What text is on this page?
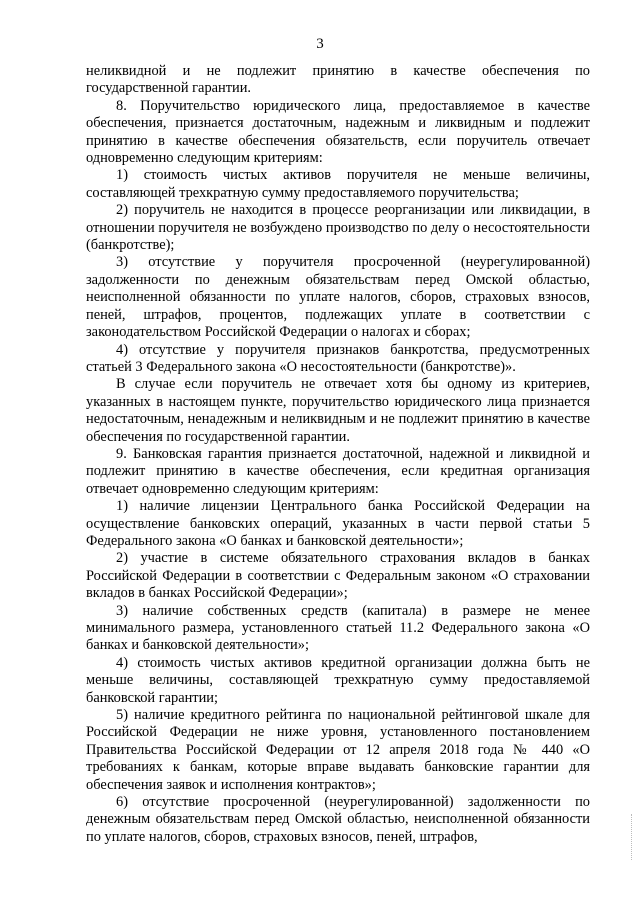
3

неликвидной и не подлежит принятию в качестве обеспечения по государственной гарантии.

8. Поручительство юридического лица, предоставляемое в качестве обеспечения, признается достаточным, надежным и ликвидным и подлежит принятию в качестве обеспечения обязательств, если поручитель отвечает одновременно следующим критериям:

1) стоимость чистых активов поручителя не меньше величины, составляющей трехкратную сумму предоставляемого поручительства;

2) поручитель не находится в процессе реорганизации или ликвидации, в отношении поручителя не возбуждено производство по делу о несостоятельности (банкротстве);

3) отсутствие у поручителя просроченной (неурегулированной) задолженности по денежным обязательствам перед Омской областью, неисполненной обязанности по уплате налогов, сборов, страховых взносов, пеней, штрафов, процентов, подлежащих уплате в соответствии с законодательством Российской Федерации о налогах и сборах;

4) отсутствие у поручителя признаков банкротства, предусмотренных статьей 3 Федерального закона «О несостоятельности (банкротстве)».

В случае если поручитель не отвечает хотя бы одному из критериев, указанных в настоящем пункте, поручительство юридического лица признается недостаточным, ненадежным и неликвидным и не подлежит принятию в качестве обеспечения по государственной гарантии.

9. Банковская гарантия признается достаточной, надежной и ликвидной и подлежит принятию в качестве обеспечения, если кредитная организация отвечает одновременно следующим критериям:

1) наличие лицензии Центрального банка Российской Федерации на осуществление банковских операций, указанных в части первой статьи 5 Федерального закона «О банках и банковской деятельности»;

2) участие в системе обязательного страхования вкладов в банках Российской Федерации в соответствии с Федеральным законом «О страховании вкладов в банках Российской Федерации»;

3) наличие собственных средств (капитала) в размере не менее минимального размера, установленного статьей 11.2 Федерального закона «О банках и банковской деятельности»;

4) стоимость чистых активов кредитной организации должна быть не меньше величины, составляющей трехкратную сумму предоставляемой банковской гарантии;

5) наличие кредитного рейтинга по национальной рейтинговой шкале для Российской Федерации не ниже уровня, установленного постановлением Правительства Российской Федерации от 12 апреля 2018 года № 440 «О требованиях к банкам, которые вправе выдавать банковские гарантии для обеспечения заявок и исполнения контрактов»;

6) отсутствие просроченной (неурегулированной) задолженности по денежным обязательствам перед Омской областью, неисполненной обязанности по уплате налогов, сборов, страховых взносов, пеней, штрафов,
